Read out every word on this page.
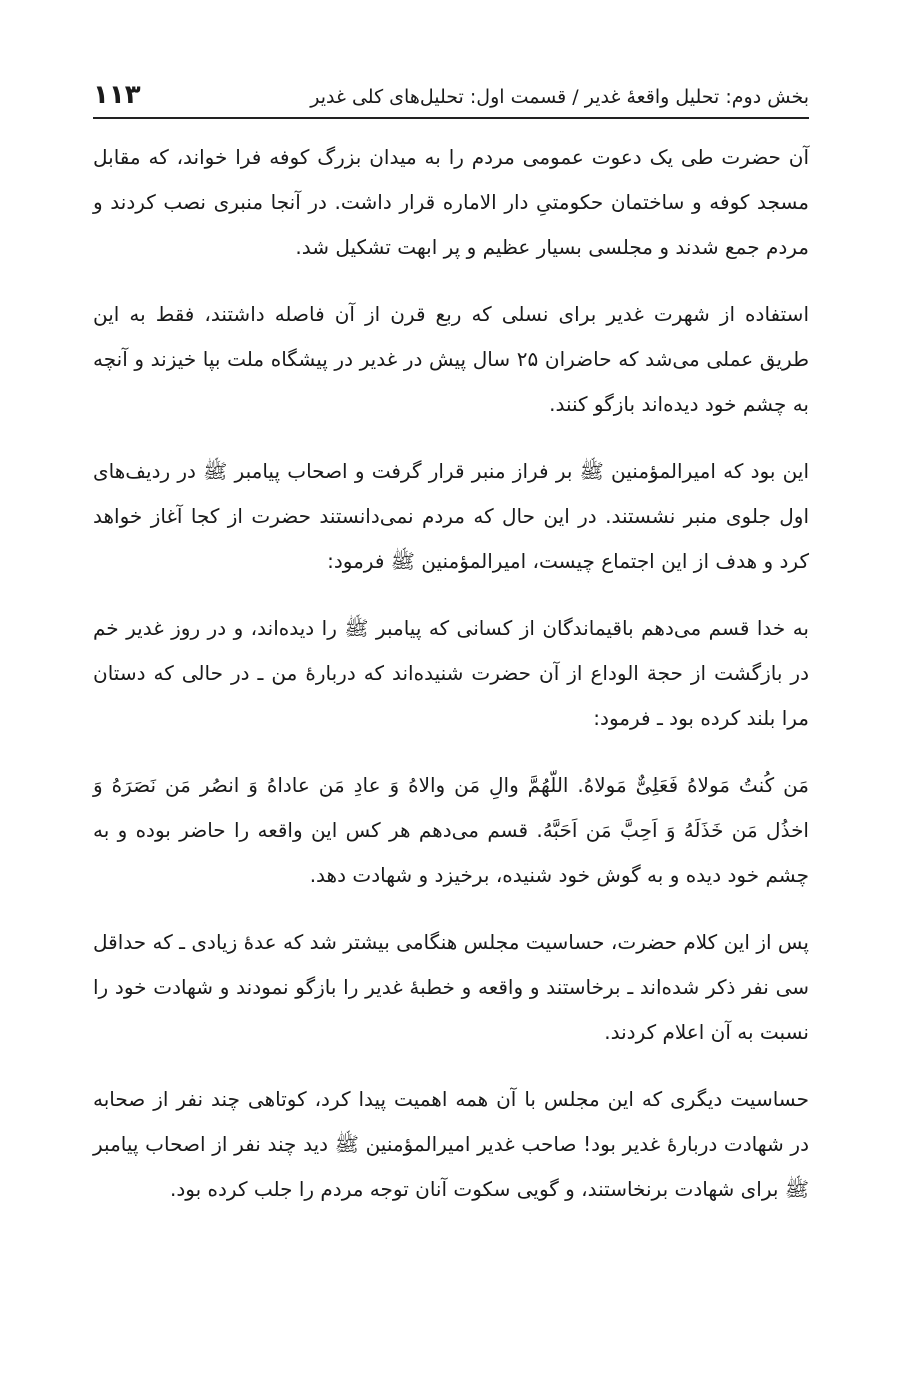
بخش دوم: تحلیل واقعهٔ غدیر / قسمت اول: تحلیل‌های کلی غدیر
۱۱۳

آن حضرت طی یک دعوت عمومی مردم را به میدان بزرگ کوفه فرا خواند، که مقابل مسجد کوفه و ساختمان حکومتیِ دار الاماره قرار داشت. در آنجا منبری نصب کردند و مردم جمع شدند و مجلسی بسیار عظیم و پر ابهت تشکیل شد.

استفاده از شهرت غدیر برای نسلی که ربع قرن از آن فاصله داشتند، فقط به این طریق عملی می‌شد که حاضران ۲۵ سال پیش در غدیر در پیشگاه ملت بپا خیزند و آنچه به چشم خود دیده‌اند بازگو کنند.

این بود که امیرالمؤمنین ﷺ بر فراز منبر قرار گرفت و اصحاب پیامبر ﷺ در ردیف‌های اول جلوی منبر نشستند. در این حال که مردم نمی‌دانستند حضرت از کجا آغاز خواهد کرد و هدف از این اجتماع چیست، امیرالمؤمنین ﷺ فرمود:

به خدا قسم می‌دهم باقیماندگان از کسانی که پیامبر ﷺ را دیده‌اند، و در روز غدیر خم در بازگشت از حجة الوداع از آن حضرت شنیده‌اند که دربارهٔ من ـ در حالی که دستان مرا بلند کرده بود ـ فرمود:

مَن کُنتُ مَولاهُ فَعَلِیٌّ مَولاهُ. اللّهُمَّ والِ مَن والاهُ وَ عادِ مَن عاداهُ وَ انصُر مَن نَصَرَهُ وَ اخذُل مَن خَذَلَهُ وَ اَحِبَّ مَن اَحَبَّهُ. قسم می‌دهم هر کس این واقعه را حاضر بوده و به چشم خود دیده و به گوش خود شنیده، برخیزد و شهادت دهد.

پس از این کلام حضرت، حساسیت مجلس هنگامی بیشتر شد که عدهٔ زیادی ـ که حداقل سی نفر ذکر شده‌اند ـ برخاستند و واقعه و خطبهٔ غدیر را بازگو نمودند و شهادت خود را نسبت به آن اعلام کردند.

حساسیت دیگری که این مجلس با آن همه اهمیت پیدا کرد، کوتاهی چند نفر از صحابه در شهادت دربارهٔ غدیر بود! صاحب غدیر امیرالمؤمنین ﷺ دید چند نفر از اصحاب پیامبر ﷺ برای شهادت برنخاستند، و گویی سکوت آنان توجه مردم را جلب کرده بود.
